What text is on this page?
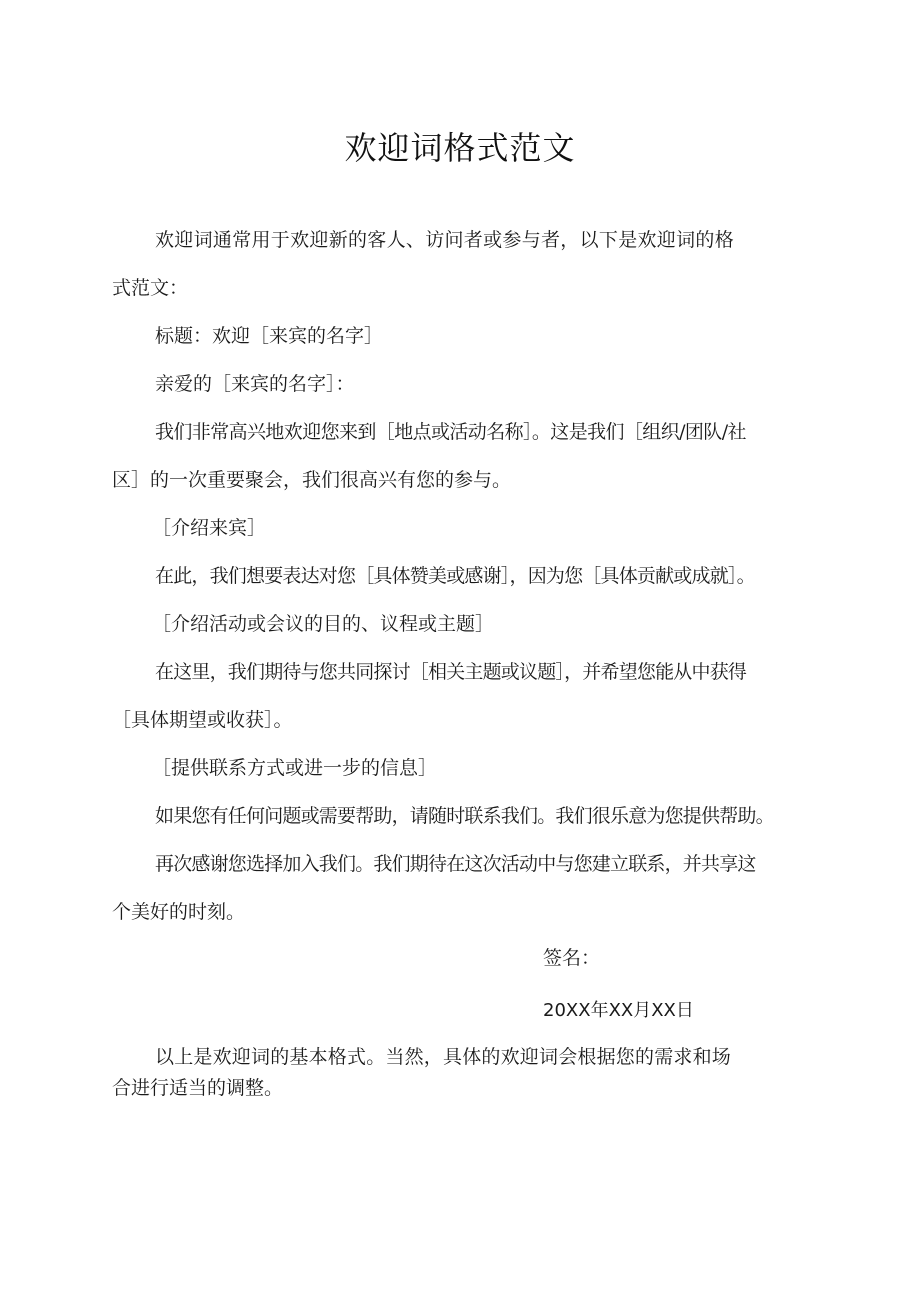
欢迎词格式范文
欢迎词通常用于欢迎新的客人、访问者或参与者，以下是欢迎词的格
式范文：
标题：欢迎［来宾的名字］
亲爱的［来宾的名字］：
我们非常高兴地欢迎您来到［地点或活动名称］。这是我们［组织/团队/社
区］的一次重要聚会，我们很高兴有您的参与。
［介绍来宾］
在此，我们想要表达对您［具体赞美或感谢］，因为您［具体贡献或成就］。
［介绍活动或会议的目的、议程或主题］
在这里，我们期待与您共同探讨［相关主题或议题］，并希望您能从中获得
［具体期望或收获］。
［提供联系方式或进一步的信息］
如果您有任何问题或需要帮助，请随时联系我们。我们很乐意为您提供帮助。
再次感谢您选择加入我们。我们期待在这次活动中与您建立联系，并共享这
个美好的时刻。
签名：
20XX年XX月XX日
以上是欢迎词的基本格式。当然，具体的欢迎词会根据您的需求和场
合进行适当的调整。
